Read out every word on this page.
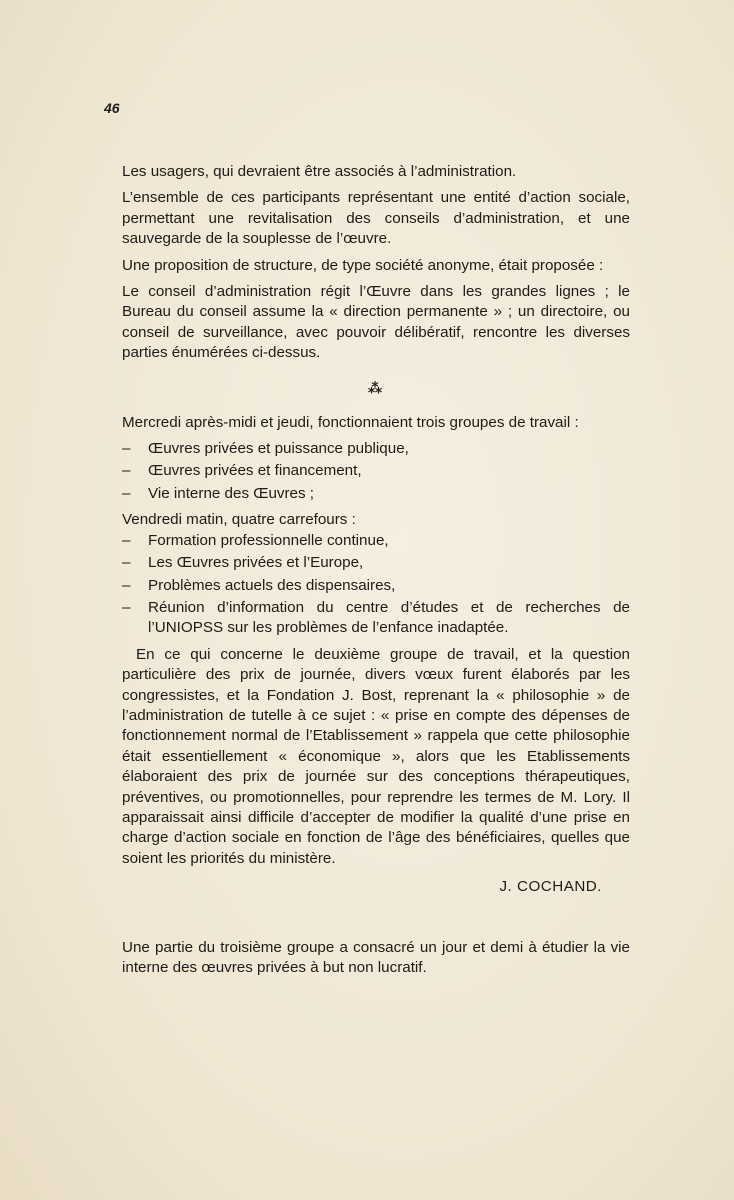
46

Les usagers, qui devraient être associés à l’administration.

L’ensemble de ces participants représentant une entité d’action sociale, permettant une revitalisation des conseils d’administration, et une sauvegarde de la souplesse de l’œuvre.

Une proposition de structure, de type société anonyme, était proposée :

Le conseil d’administration régit l’Œuvre dans les grandes lignes ; le Bureau du conseil assume la « direction permanente » ; un directoire, ou conseil de surveillance, avec pouvoir délibératif, rencontre les diverses parties énumérées ci-dessus.

⁂

Mercredi après-midi et jeudi, fonctionnaient trois groupes de travail :

– Œuvres privées et puissance publique,
– Œuvres privées et financement,
– Vie interne des Œuvres ;

Vendredi matin, quatre carrefours :

– Formation professionnelle continue,
– Les Œuvres privées et l’Europe,
– Problèmes actuels des dispensaires,
– Réunion d’information du centre d’études et de recherches de l’UNIOPSS sur les problèmes de l’enfance inadaptée.

En ce qui concerne le deuxième groupe de travail, et la question particulière des prix de journée, divers vœux furent élaborés par les congressistes, et la Fondation J. Bost, reprenant la « philosophie » de l’administration de tutelle à ce sujet : « prise en compte des dépenses de fonctionnement normal de l’Etablissement » rappela que cette philosophie était essentiellement « économique », alors que les Etablissements élaboraient des prix de journée sur des conceptions thérapeutiques, préventives, ou promotionnelles, pour reprendre les termes de M. Lory. Il apparaissait ainsi difficile d’accepter de modifier la qualité d’une prise en charge d’action sociale en fonction de l’âge des bénéficiaires, quelles que soient les priorités du ministère.

J. COCHAND.

Une partie du troisième groupe a consacré un jour et demi à étudier la vie interne des œuvres privées à but non lucratif.
